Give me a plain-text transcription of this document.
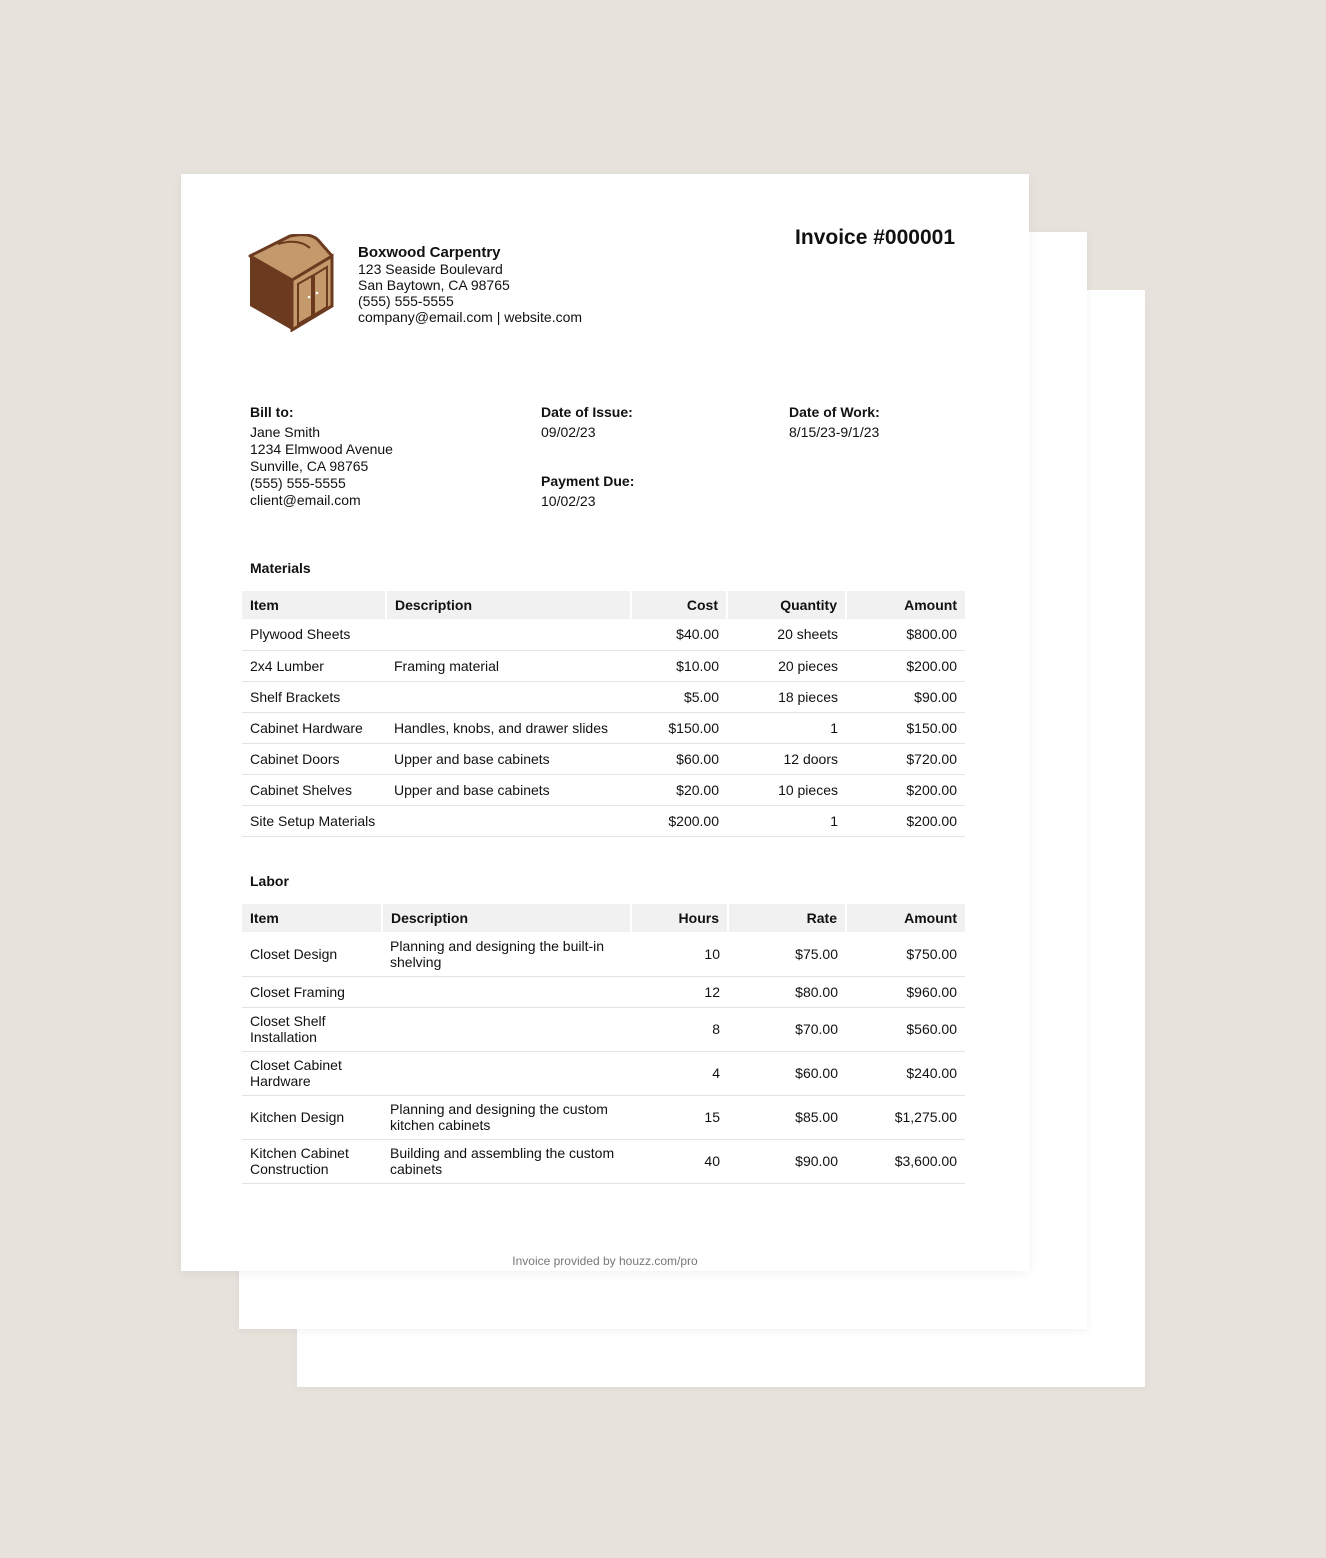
Boxwood Carpentry
123 Seaside Boulevard
San Baytown, CA 98765
(555) 555-5555
company@email.com | website.com
Invoice #000001
Bill to:
Jane Smith
1234 Elmwood Avenue
Sunville, CA 98765
(555) 555-5555
client@email.com
Date of Issue:
09/02/23
Payment Due:
10/02/23
Date of Work:
8/15/23-9/1/23
Materials
Item	Description	Cost	Quantity	Amount
Plywood Sheets		$40.00	20 sheets	$800.00
2x4 Lumber	Framing material	$10.00	20 pieces	$200.00
Shelf Brackets		$5.00	18 pieces	$90.00
Cabinet Hardware	Handles, knobs, and drawer slides	$150.00	1	$150.00
Cabinet Doors	Upper and base cabinets	$60.00	12 doors	$720.00
Cabinet Shelves	Upper and base cabinets	$20.00	10 pieces	$200.00
Site Setup Materials		$200.00	1	$200.00
Labor
Item	Description	Hours	Rate	Amount
Closet Design	Planning and designing the built-in shelving	10	$75.00	$750.00
Closet Framing		12	$80.00	$960.00
Closet Shelf Installation		8	$70.00	$560.00
Closet Cabinet Hardware		4	$60.00	$240.00
Kitchen Design	Planning and designing the custom kitchen cabinets	15	$85.00	$1,275.00
Kitchen Cabinet Construction	Building and assembling the custom cabinets	40	$90.00	$3,600.00
Invoice provided by houzz.com/pro
